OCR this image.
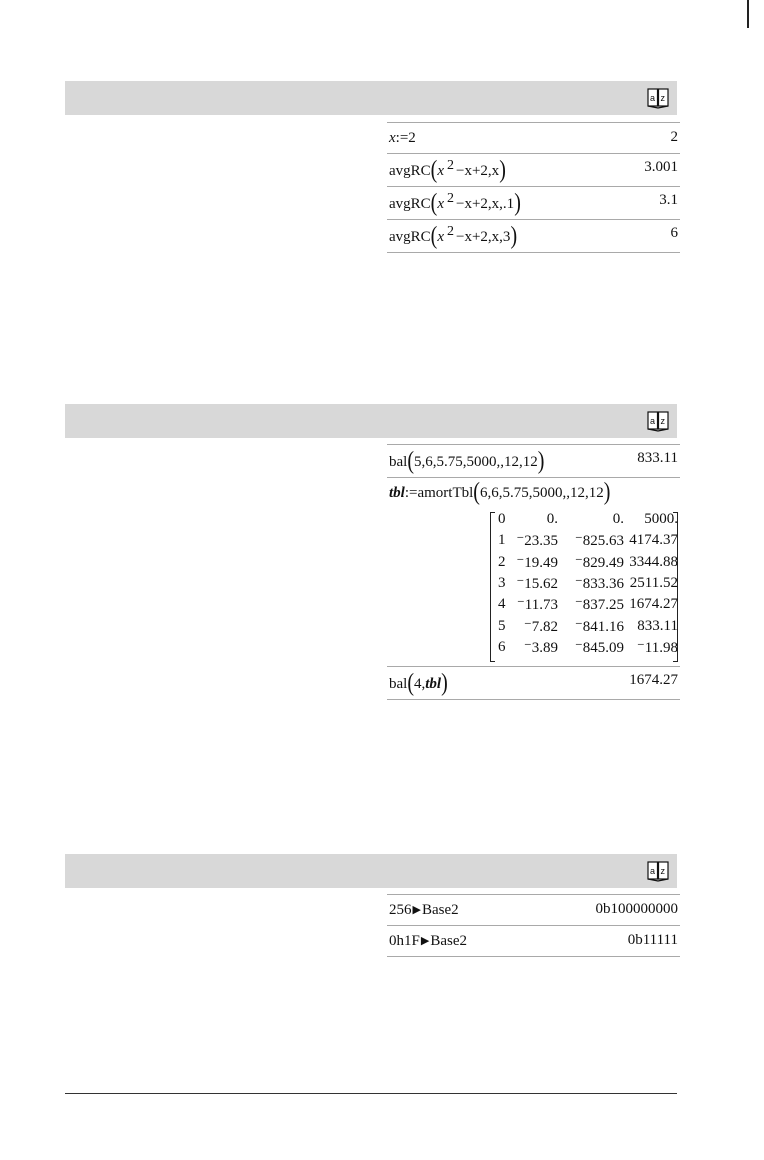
a z
x:=2	2
avgRC(x 2 −x+2,x)	3.001
avgRC(x 2 −x+2,x,.1)	3.1
avgRC(x 2 −x+2,x,3)	6
a z
bal(5,6,5.75,5000,,12,12)	833.11
tbl:=amortTbl(6,6,5.75,5000,,12,12)
0	0.	0.	5000.
1	⁻23.35	⁻825.63	4174.37
2	⁻19.49	⁻829.49	3344.88
3	⁻15.62	⁻833.36	2511.52
4	⁻11.73	⁻837.25	1674.27
5	⁻7.82	⁻841.16	833.11
6	⁻3.89	⁻845.09	⁻11.98
bal(4,tbl)	1674.27
a z
256▶Base2	0b100000000
0h1F▶Base2	0b11111
